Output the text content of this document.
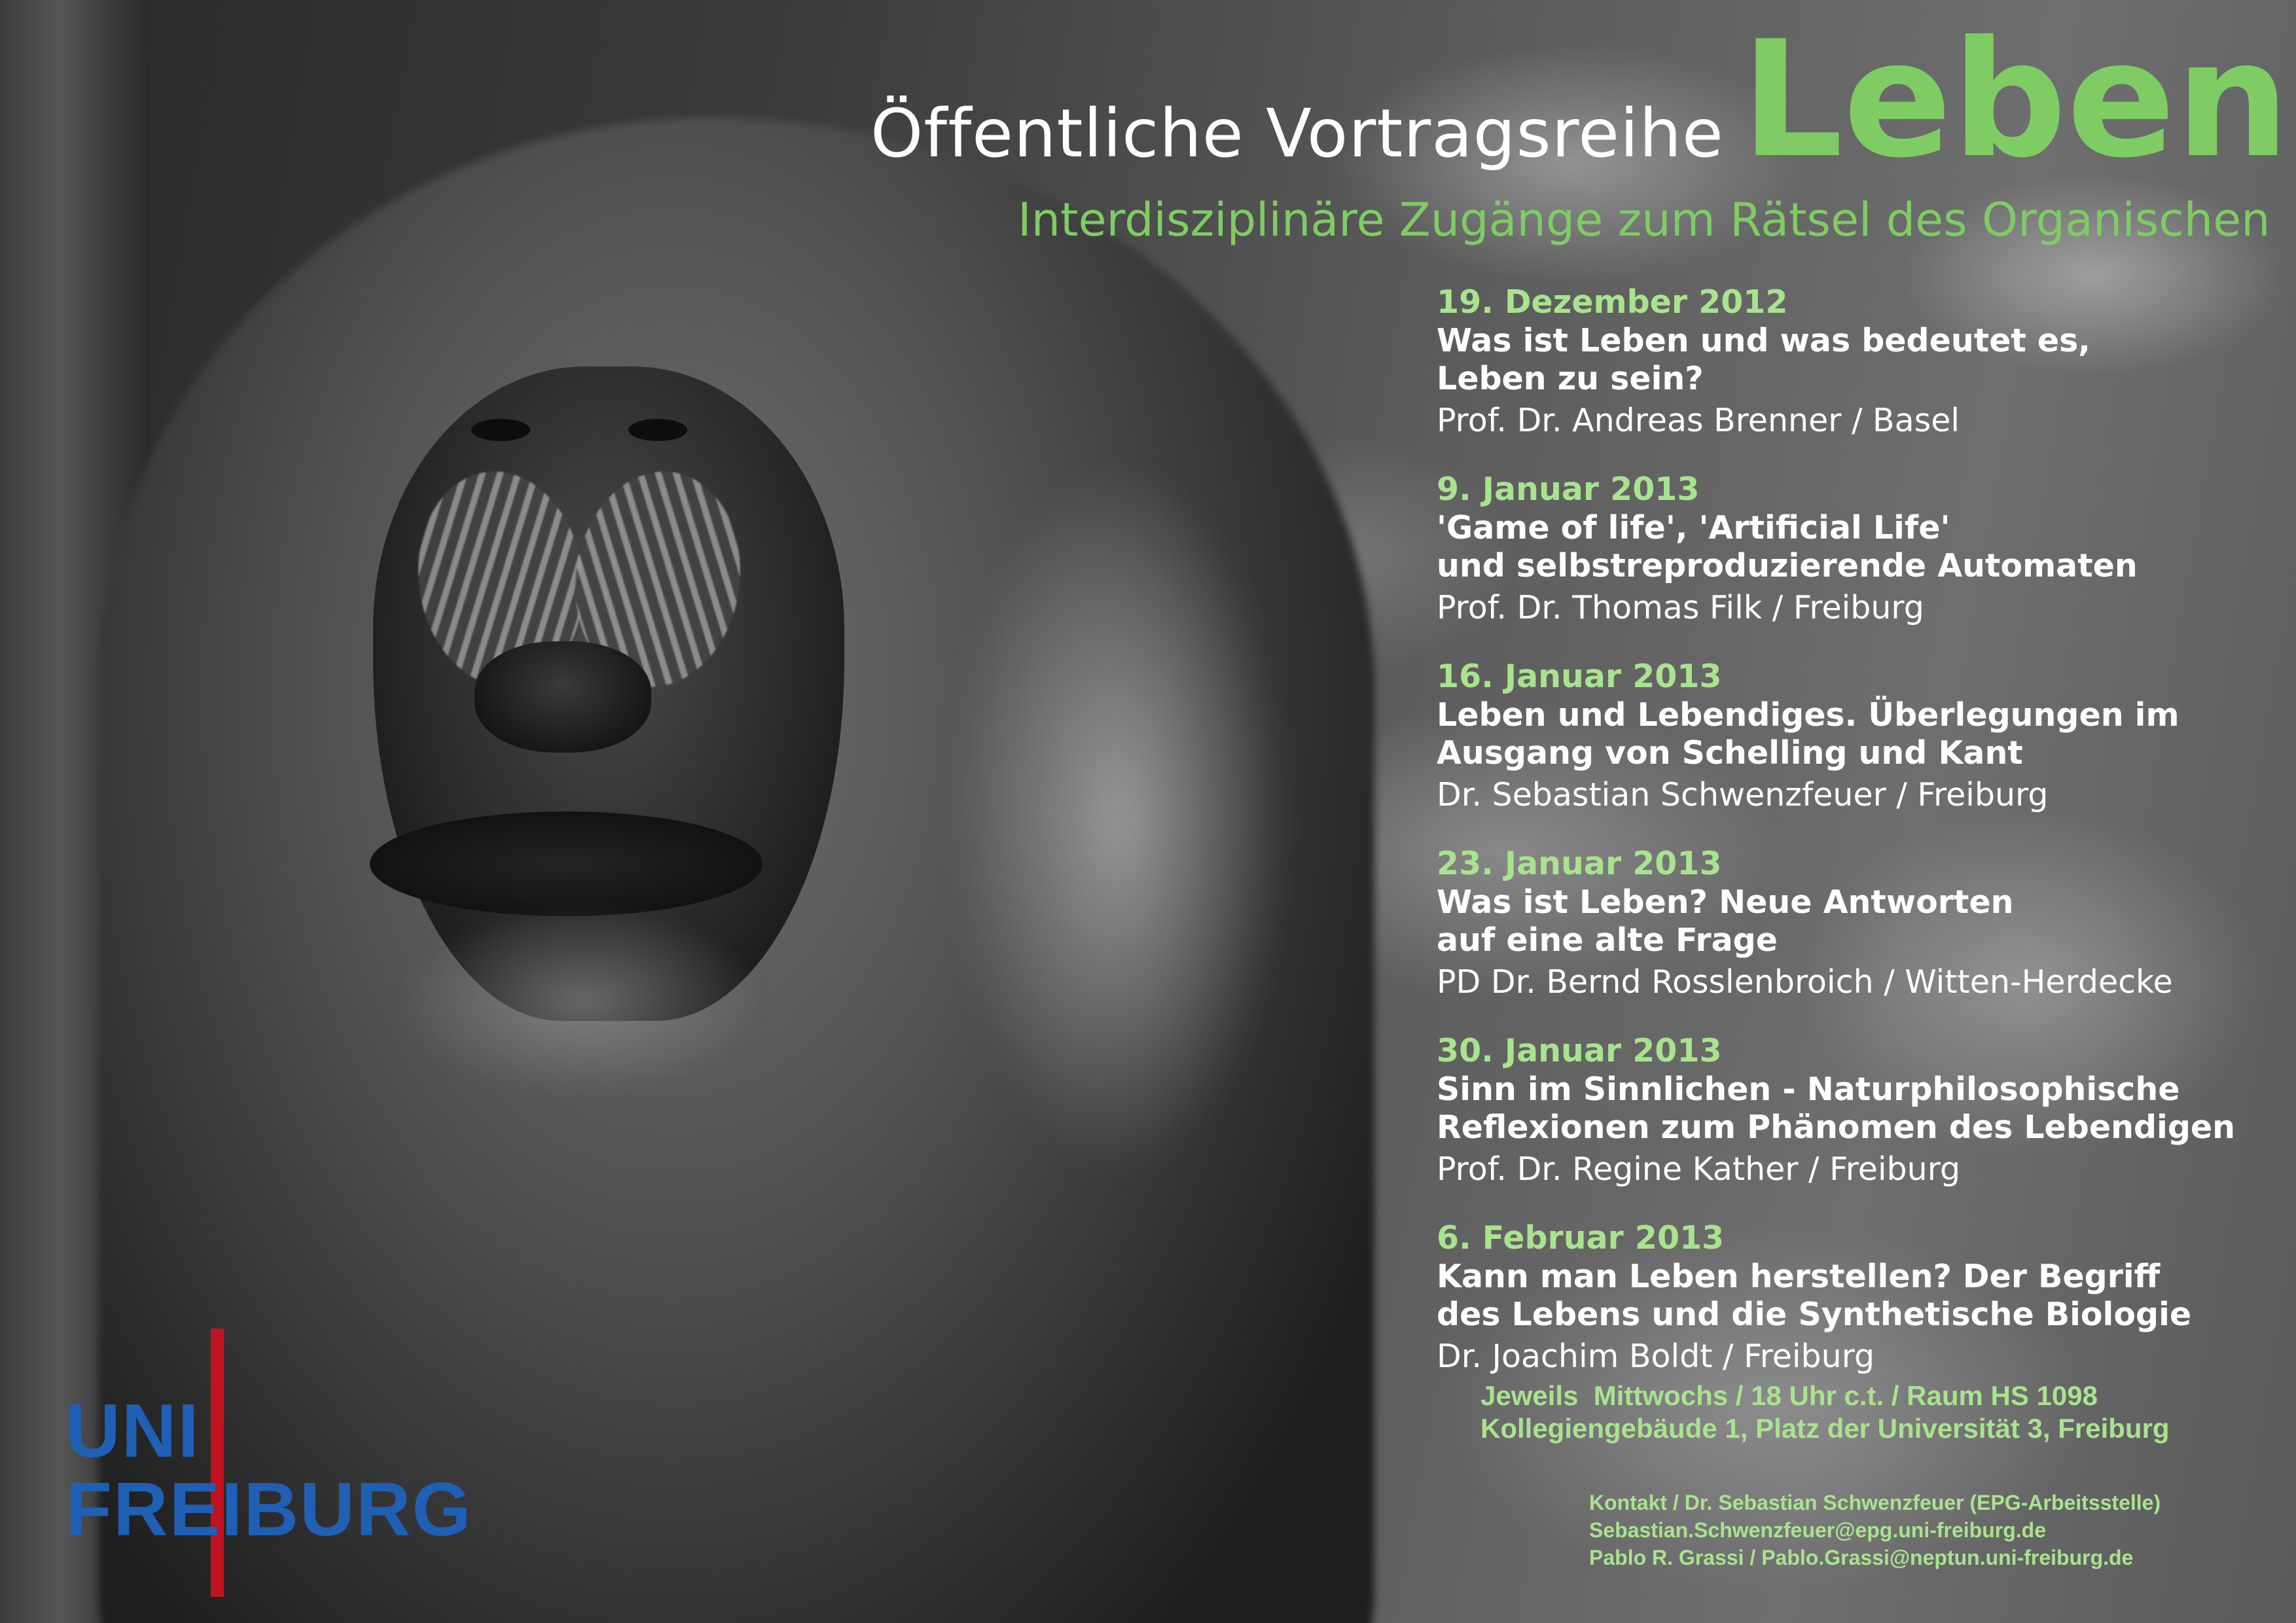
Öffentliche Vortragsreihe Leben
Interdisziplinäre Zugänge zum Rätsel des Organischen
19. Dezember 2012
Was ist Leben und was bedeutet es,
Leben zu sein?
Prof. Dr. Andreas Brenner / Basel
9. Januar 2013
'Game of life', 'Artificial Life'
und selbstreproduzierende Automaten
Prof. Dr. Thomas Filk / Freiburg
16. Januar 2013
Leben und Lebendiges. Überlegungen im
Ausgang von Schelling und Kant
Dr. Sebastian Schwenzfeuer / Freiburg
23. Januar 2013
Was ist Leben? Neue Antworten
auf eine alte Frage
PD Dr. Bernd Rosslenbroich / Witten-Herdecke
30. Januar 2013
Sinn im Sinnlichen - Naturphilosophische
Reflexionen zum Phänomen des Lebendigen
Prof. Dr. Regine Kather / Freiburg
6. Februar 2013
Kann man Leben herstellen? Der Begriff
des Lebens und die Synthetische Biologie
Dr. Joachim Boldt / Freiburg
Jeweils  Mittwochs / 18 Uhr c.t. / Raum HS 1098
Kollegiengebäude 1, Platz der Universität 3, Freiburg
Kontakt / Dr. Sebastian Schwenzfeuer (EPG-Arbeitsstelle)
Sebastian.Schwenzfeuer@epg.uni-freiburg.de
Pablo R. Grassi / Pablo.Grassi@neptun.uni-freiburg.de
UNI
FREIBURG
